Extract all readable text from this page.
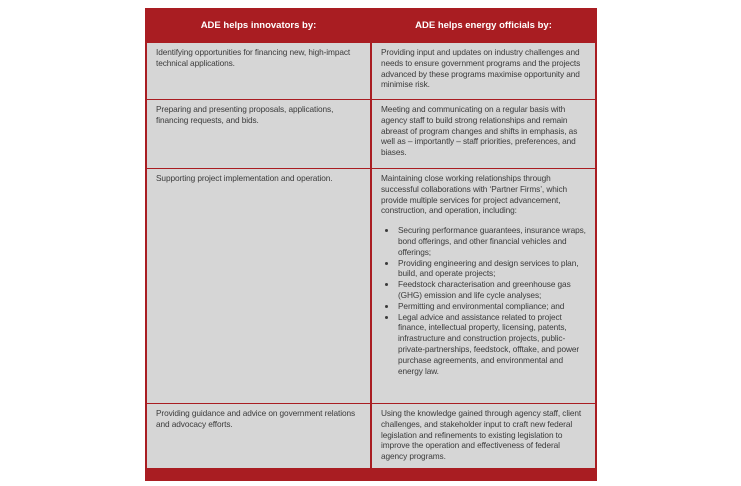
ADE helps innovators by:	ADE helps energy officials by:
Identifying opportunities for financing new, high-impact technical applications.
Providing input and updates on industry challenges and needs to ensure government programs and the projects advanced by these programs maximise opportunity and minimise risk.
Preparing and presenting proposals, applications, financing requests, and bids.
Meeting and communicating on a regular basis with agency staff to build strong relationships and remain abreast of program changes and shifts in emphasis, as well as – importantly – staff priorities, preferences, and biases.
Supporting project implementation and operation.	Maintaining close working relationships through successful collaborations with ‘Partner Firms’, which provide multiple services for project advancement, construction, and operation, including:
• Securing performance guarantees, insurance wraps, bond offerings, and other financial vehicles and offerings;
• Providing engineering and design services to plan, build, and operate projects;
• Feedstock characterisation and greenhouse gas (GHG) emission and life cycle analyses;
• Permitting and environmental compliance; and
• Legal advice and assistance related to project finance, intellectual property, licensing, patents, infrastructure and construction projects, public-private-partnerships, feedstock, offtake, and power purchase agreements, and environmental and energy law.
Providing guidance and advice on government relations and advocacy efforts.
Using the knowledge gained through agency staff, client challenges, and stakeholder input to craft new federal legislation and refinements to existing legislation to improve the operation and effectiveness of federal agency programs.
